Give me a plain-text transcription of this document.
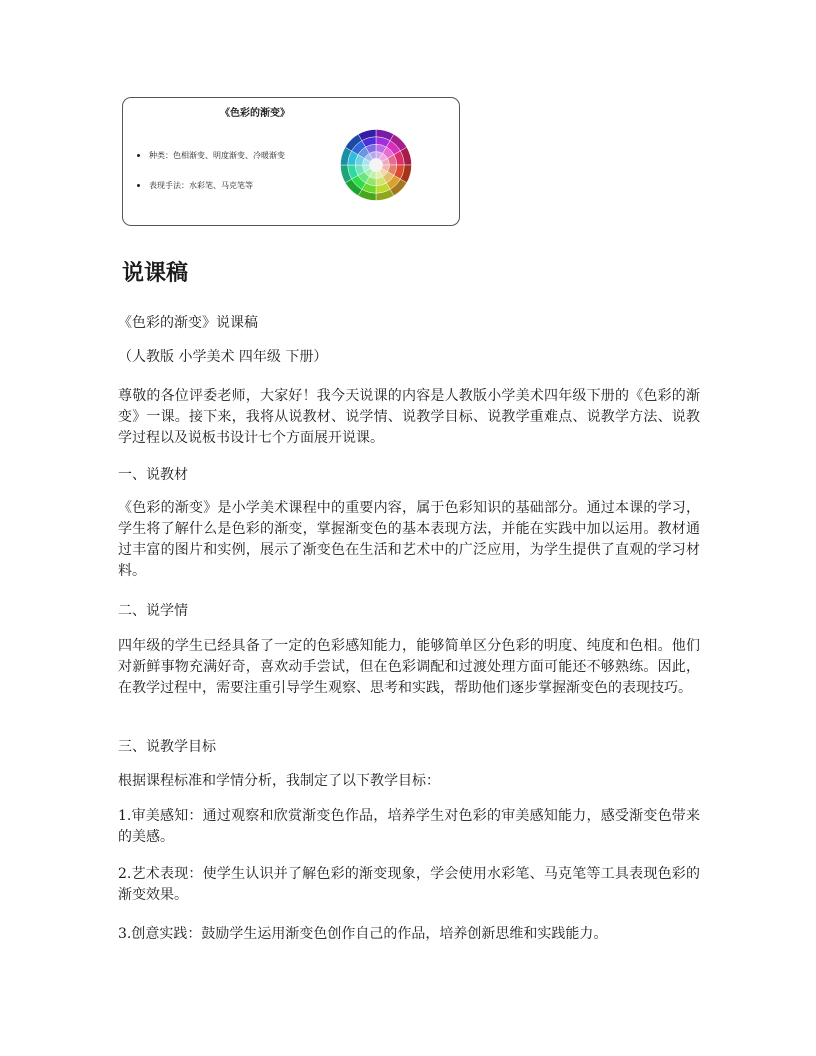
《色彩的渐变》
种类：色相渐变、明度渐变、冷暖渐变
表现手法：水彩笔、马克笔等
说课稿

《色彩的渐变》说课稿

（人教版 小学美术 四年级 下册）

尊敬的各位评委老师，大家好！我今天说课的内容是人教版小学美术四年级下册的《色彩的渐变》一课。接下来，我将从说教材、说学情、说教学目标、说教学重难点、说教学方法、说教学过程以及说板书设计七个方面展开说课。

一、说教材

《色彩的渐变》是小学美术课程中的重要内容，属于色彩知识的基础部分。通过本课的学习，学生将了解什么是色彩的渐变，掌握渐变色的基本表现方法，并能在实践中加以运用。教材通过丰富的图片和实例，展示了渐变色在生活和艺术中的广泛应用，为学生提供了直观的学习材料。

二、说学情

四年级的学生已经具备了一定的色彩感知能力，能够简单区分色彩的明度、纯度和色相。他们对新鲜事物充满好奇，喜欢动手尝试，但在色彩调配和过渡处理方面可能还不够熟练。因此，在教学过程中，需要注重引导学生观察、思考和实践，帮助他们逐步掌握渐变色的表现技巧。

三、说教学目标

根据课程标准和学情分析，我制定了以下教学目标：

1.审美感知：通过观察和欣赏渐变色作品，培养学生对色彩的审美感知能力，感受渐变色带来的美感。

2.艺术表现：使学生认识并了解色彩的渐变现象，学会使用水彩笔、马克笔等工具表现色彩的渐变效果。

3.创意实践：鼓励学生运用渐变色创作自己的作品，培养创新思维和实践能力。
